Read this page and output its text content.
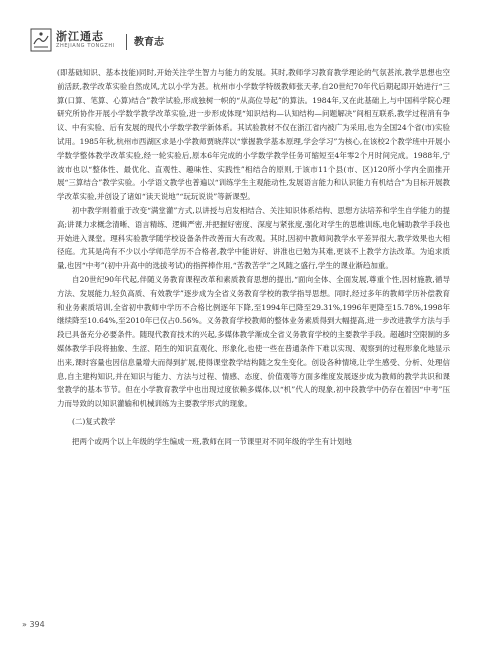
浙江通志
ZHEJIANG TONGZHI 教育志

(即基础知识、基本技能)同时,开始关注学生智力与能力的发展。其时,教师学习教育教学理论的气氛甚浓,教学思想也空前活跃,教学改革实验自然成风,尤以小学为甚。杭州市小学数学特级教师张天孝,自20世纪70年代后期起即开始进行“三算(口算、笔算、心算)结合”教学试验,形成独树一帜的“从高位导起”的算法。1984年,又在此基础上,与中国科学院心理研究所协作开展小学数学教学改革实验,进一步形成体现“知识结构—认知结构—问题解决”间相互联系,教学过程消有争议、中有实验、后有发展的现代小学数学教学新体系。其试验教材不仅在浙江省内被广为采用,也为全国24个省(市)实验试用。1985年秋,杭州市西湖区求是小学教师贾晓萍以“掌握教学基本原理,学会学习”为核心,在该校2个教学班中开展小学数学整体教学改革实验,经一轮实验后,原本6年完成的小学数学教学任务可缩短至4年零2个月时间完成。1988年,宁波市也以“整体性、最优化、直观性、趣味性、实践性”相结合的原则,于该市11个县(市、区)120所小学内全面推开展“三算结合”教学实验。小学语文教学也普遍以“训练学生主观能动性,发展语言能力和认识能力有机结合”为目标开展教学改革实验,并创设了诸如“读天说地”“玩玩说说”等新课型。

初中教学则着重于改变“满堂灌”方式,以讲授与启发相结合、关注知识体系结构、思想方法培养和学生自学能力的提高;讲课力求概念清晰、语言精练、逻辑严密,并把握好密度、深度与紧张度,强化对学生的思维训练,电化辅助教学手段也开始进入课堂。理科实验教学随学校设备条件改善而大有改观。其时,因初中教师间教学水平差异很大,教学效果也大相径庭。尤其是尚有不少以小学师范学历不合格者,教学中能讲好、讲准也已勉为其难,更谈不上教学方法改革。为追求质量,也因“中考”(初中升高中的选拔考试)的指挥棒作用,“苦教苦学”之风随之盛行,学生的课业渐趋加重。

自20世纪90年代起,伴随义务教育课程改革和素质教育思想的提出,“面向全体、全面发展,尊重个性,因材施教,循导方法、发展能力,轻负高质、有效教学”逐步成为全省义务教育学校的教学指导思想。同时,经过多年的教师学历补偿教育和业务素质培训,全省初中教师中学历不合格比例逐年下降,至1994年已降至29.31%,1996年更降至15.78%,1998年继续降至10.64%,至2010年已仅占0.56%。义务教育学校教师的整体业务素质得到大幅提高,进一步改进教学方法与手段已具备充分必要条件。随现代教育技术的兴起,多媒体教学渐成全省义务教育学校的主要教学手段。超越时空限制的多媒体教学手段将抽象、生涩、陌生的知识直观化、形象化,也使一些在普通条件下难以实现、观察到的过程形象化地显示出来,课时容量也因信息量增大而得到扩展,使得课堂教学结构随之发生变化。创设各种情境,让学生感受、分析、处理信息,自主建构知识,并在知识与能力、方法与过程、情感、态度、价值观等方面多维度发展逐步成为教师的教学共识和课堂教学的基本节节。但在小学教育教学中也出现过度依赖多媒体,以“机”代人的现象,初中段教学中仍存在着因“中考”压力而导致的以知识灌输和机械训练为主要教学形式的现象。

(二)复式教学

把两个或两个以上年级的学生编成一班,教师在同一节课里对不同年级的学生有计划地

» 394
